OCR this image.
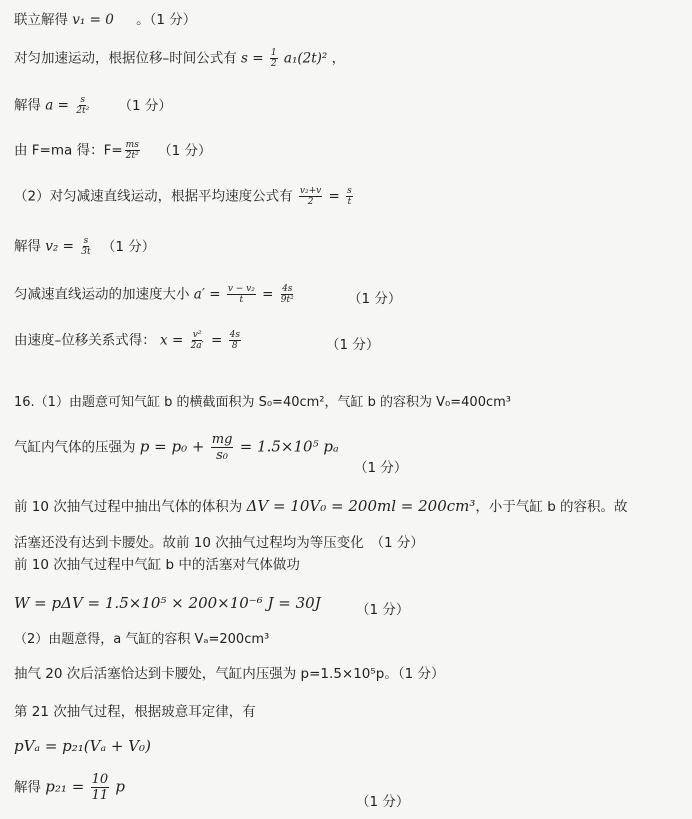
联立解得 v₁ = 0 。（1 分）
对匀加速运动，根据位移–时间公式有 $s = \frac{1}{2} a_1(2t)^2$ ，
解得 $a = \frac{s}{\text{2t²}} (1$ 分）
由 F=ma 得：$F= \frac{ms}{\text{2t²}} (1$ 分）
（2）对匀减速直线运动，根据平均速度公式有 $\frac{\text{v₂+v}}{2} = \frac{s}{t}$
解得 $v_2 = \frac{s}{3t} (1$ 分）
匀减速直线运动的加速度大小 $a' = \frac{\text{v − v₂}}{t} = \frac{4s}{\text{9t²}}$	（1 分）
由速度–位移关系式得： $x = \frac{\text{v²}}{2a'} = \frac{4s}{8}$	（1 分）
16.（1）由题意可知气缸 b 的横截面积为 S₀=40cm²，气缸 b 的容积为 V₀=400cm³
气缸内气体的压强为 $p = p_0 + \frac{mg}{\text{s₀}} = 1.5\times 10^5$ pₐ
（1 分）
前 10 次抽气过程中抽出气体的体积为 ΔV = 10V₀ = 200ml = 200cm³，小于气缸 b 的容积。故
活塞还没有达到卡腰处。故前 10 次抽气过程均为等压变化　（1 分）
前 10 次抽气过程中气缸 b 中的活塞对气体做功
W = pΔV = 1.5×10⁵ × 200×10⁻⁶ J = 30J	（1 分）
（2）由题意得，a 气缸的容积 Vₐ=200cm³
抽气 20 次后活塞恰达到卡腰处，气缸内压强为 p=1.5×10⁵p。（1 分）
第 21 次抽气过程，根据玻意耳定律，有
pVₐ = p₂₁(Vₐ + V₀)
解得 $p_{21} = \frac{10}{11}$ p
（1 分）
